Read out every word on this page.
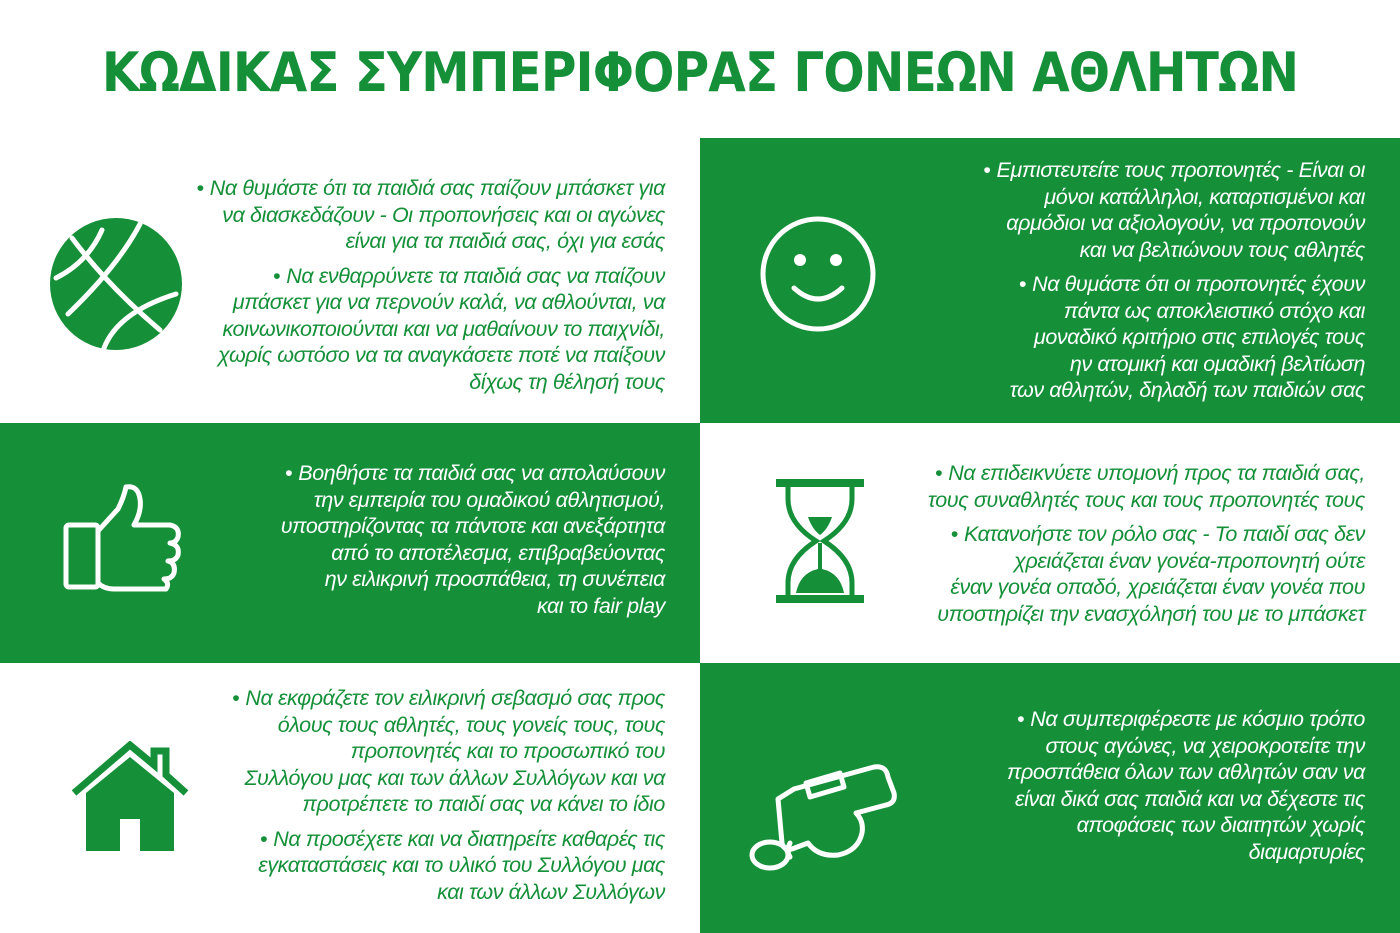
ΚΩΔΙΚΑΣ ΣΥΜΠΕΡΙΦΟΡΑΣ ΓΟΝΕΩΝ ΑΘΛΗΤΩΝ
• Να θυμάστε ότι τα παιδιά σας παίζουν μπάσκετ για
να διασκεδάζουν - Οι προπονήσεις και οι αγώνες
είναι για τα παιδιά σας, όχι για εσάς
• Να ενθαρρύνετε τα παιδιά σας να παίζουν
μπάσκετ για να περνούν καλά, να αθλούνται, να
κοινωνικοποιούνται και να μαθαίνουν το παιχνίδι,
χωρίς ωστόσο να τα αναγκάσετε ποτέ να παίξουν
δίχως τη θέλησή τους
• Εμπιστευτείτε τους προπονητές - Είναι οι
μόνοι κατάλληλοι, καταρτισμένοι και
αρμόδιοι να αξιολογούν, να προπονούν
και να βελτιώνουν τους αθλητές
• Να θυμάστε ότι οι προπονητές έχουν
πάντα ως αποκλειστικό στόχο και
μοναδικό κριτήριο στις επιλογές τους
ην ατομική και ομαδική βελτίωση
των αθλητών, δηλαδή των παιδιών σας
• Βοηθήστε τα παιδιά σας να απολαύσουν
την εμπειρία του ομαδικού αθλητισμού,
υποστηρίζοντας τα πάντοτε και ανεξάρτητα
από το αποτέλεσμα, επιβραβεύοντας
ην ειλικρινή προσπάθεια, τη συνέπεια
και το fair play
• Να επιδεικνύετε υπομονή προς τα παιδιά σας,
τους συναθλητές τους και τους προπονητές τους
• Κατανοήστε τον ρόλο σας - Το παιδί σας δεν
χρειάζεται έναν γονέα-προπονητή ούτε
έναν γονέα οπαδό, χρειάζεται έναν γονέα που
υποστηρίζει την ενασχόλησή του με το μπάσκετ
• Να εκφράζετε τον ειλικρινή σεβασμό σας προς
όλους τους αθλητές, τους γονείς τους, τους
προπονητές και το προσωπικό του
Συλλόγου μας και των άλλων Συλλόγων και να
προτρέπετε το παιδί σας να κάνει το ίδιο
• Να προσέχετε και να διατηρείτε καθαρές τις
εγκαταστάσεις και το υλικό του Συλλόγου μας
και των άλλων Συλλόγων
• Να συμπεριφέρεστε με κόσμιο τρόπο
στους αγώνες, να χειροκροτείτε την
προσπάθεια όλων των αθλητών σαν να
είναι δικά σας παιδιά και να δέχεστε τις
αποφάσεις των διαιτητών χωρίς
διαμαρτυρίες
